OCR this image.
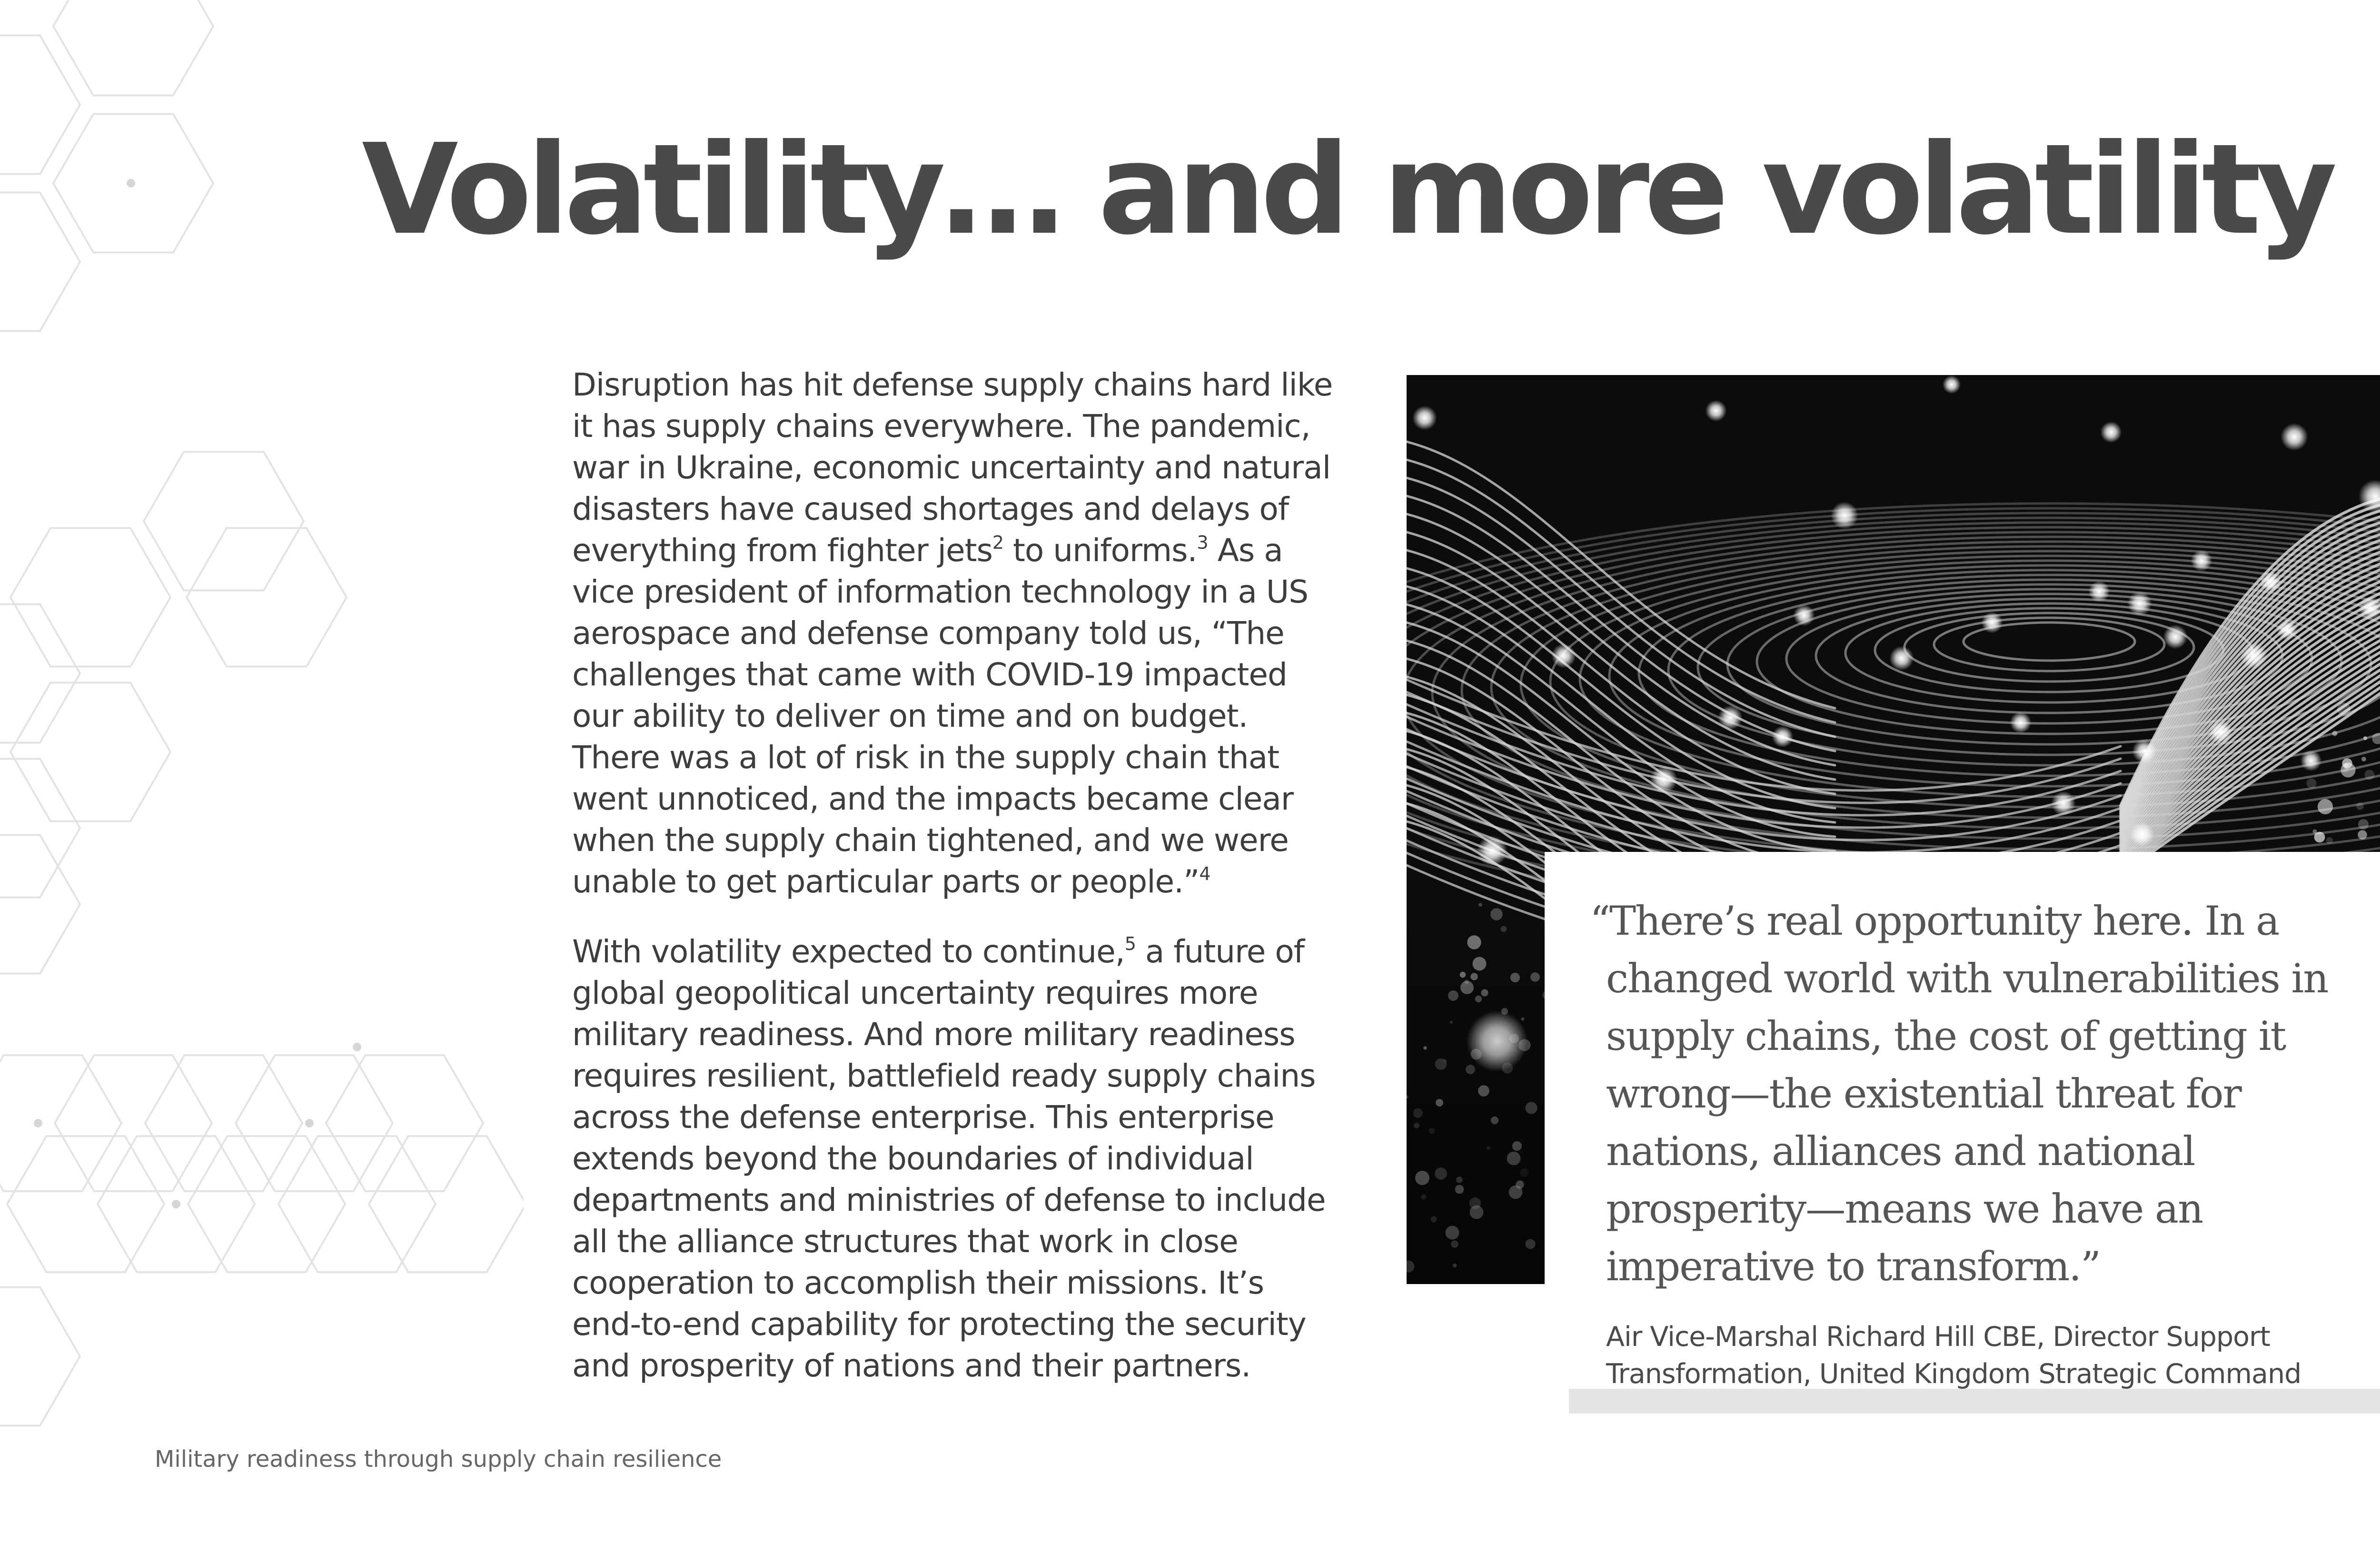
Volatility… and more volatility

Disruption has hit defense supply chains hard like it has supply chains everywhere. The pandemic, war in Ukraine, economic uncertainty and natural disasters have caused shortages and delays of everything from fighter jets$^2$ to uniforms.$^3$ As a vice president of information technology in a US aerospace and defense company told us, “The challenges that came with COVID-19 impacted our ability to deliver on time and on budget. There was a lot of risk in the supply chain that went unnoticed, and the impacts became clear when the supply chain tightened, and we were unable to get particular parts or people.”$^4$

With volatility expected to continue,$^5$ a future of global geopolitical uncertainty requires more military readiness. And more military readiness requires resilient, battlefield ready supply chains across the defense enterprise. This enterprise extends beyond the boundaries of individual departments and ministries of defense to include all the alliance structures that work in close cooperation to accomplish their missions. It’s end-to-end capability for protecting the security and prosperity of nations and their partners.

“There’s real opportunity here. In a changed world with vulnerabilities in supply chains, the cost of getting it wrong—the existential threat for nations, alliances and national prosperity—means we have an imperative to transform.”

Air Vice-Marshal Richard Hill CBE, Director Support Transformation, United Kingdom Strategic Command

Military readiness through supply chain resilience
